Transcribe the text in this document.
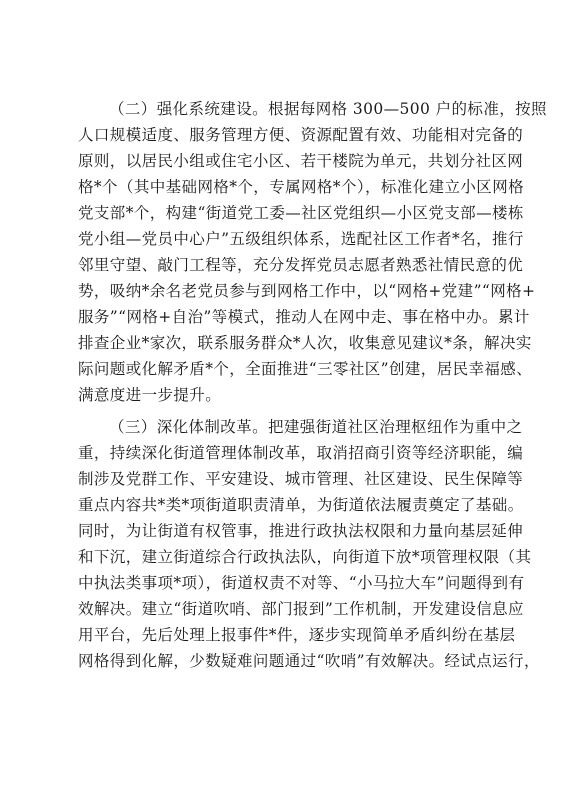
（二）强化系统建设。根据每网格 300—500 户的标准，按照
人口规模适度、服务管理方便、资源配置有效、功能相对完备的
原则，以居民小组或住宅小区、若干楼院为单元，共划分社区网
格*个（其中基础网格*个，专属网格*个），标准化建立小区网格
党支部*个，构建“街道党工委—社区党组织—小区党支部—楼栋
党小组—党员中心户”五级组织体系，选配社区工作者*名，推行
邻里守望、敲门工程等，充分发挥党员志愿者熟悉社情民意的优
势，吸纳*余名老党员参与到网格工作中，以“网格+党建”“网格+
服务”“网格+自治”等模式，推动人在网中走、事在格中办。累计
排查企业*家次，联系服务群众*人次，收集意见建议*条，解决实
际问题或化解矛盾*个，全面推进“三零社区”创建，居民幸福感、
满意度进一步提升。
（三）深化体制改革。把建强街道社区治理枢纽作为重中之
重，持续深化街道管理体制改革，取消招商引资等经济职能，编
制涉及党群工作、平安建设、城市管理、社区建设、民生保障等
重点内容共*类*项街道职责清单，为街道依法履责奠定了基础。
同时，为让街道有权管事，推进行政执法权限和力量向基层延伸
和下沉，建立街道综合行政执法队，向街道下放*项管理权限（其
中执法类事项*项），街道权责不对等、“小马拉大车”问题得到有
效解决。建立“街道吹哨、部门报到”工作机制，开发建设信息应
用平台，先后处理上报事件*件，逐步实现简单矛盾纠纷在基层
网格得到化解，少数疑难问题通过“吹哨”有效解决。经试点运行，
